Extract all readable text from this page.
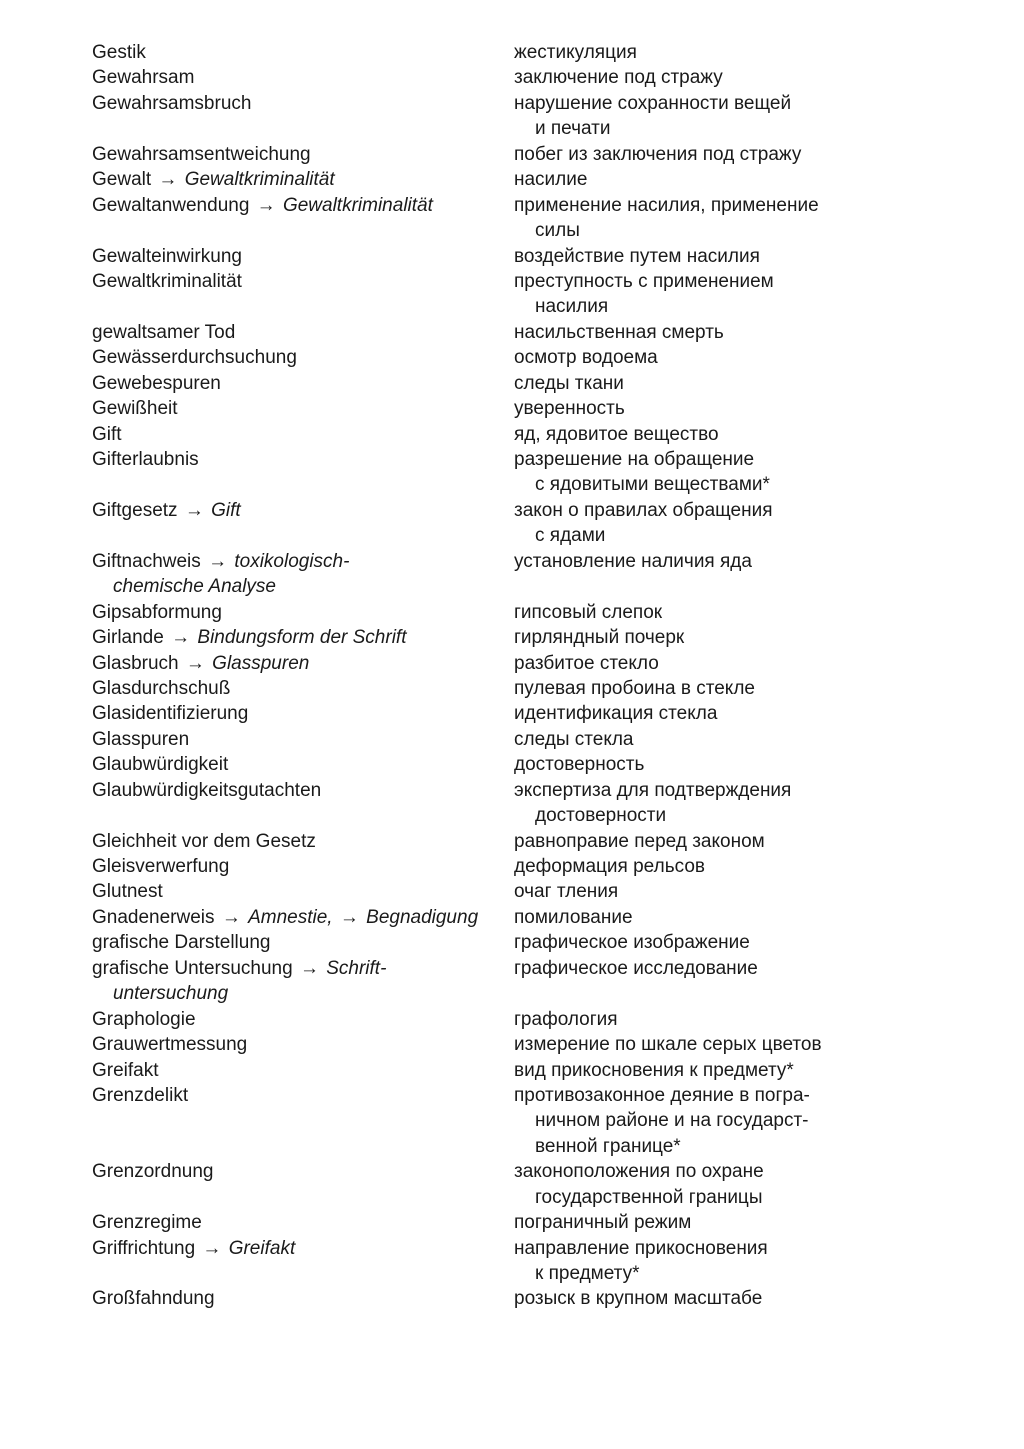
Gestik
Gewahrsam
Gewahrsamsbruch
Gewahrsamsentweichung
Gewalt → Gewaltkriminalität
Gewaltanwendung → Gewaltkriminalität
Gewalteinwirkung
Gewaltkriminalität
gewaltsamer Tod
Gewässerdurchsuchung
Gewebespuren
Gewißheit
Gift
Gifterlaubnis
Giftgesetz → Gift
Giftnachweis → toxikologisch-
chemische Analyse
Gipsabformung
Girlande → Bindungsform der Schrift
Glasbruch → Glasspuren
Glasdurchschuß
Glasidentifizierung
Glasspuren
Glaubwürdigkeit
Glaubwürdigkeitsgutachten
Gleichheit vor dem Gesetz
Gleisverwerfung
Glutnest
Gnadenerweis → Amnestie, → Begnadigung
grafische Darstellung
grafische Untersuchung → Schrift-
untersuchung
Graphologie
Grauwertmessung
Greifakt
Grenzdelikt
Grenzordnung
Grenzregime
Griffrichtung → Greifakt
Großfahndung
жестикуляция
заключение под стражу
нарушение сохранности вещей
и печати
побег из заключения под стражу
насилие
применение насилия, применение
силы
воздействие путем насилия
преступность с применением
насилия
насильственная смерть
осмотр водоема
следы ткани
уверенность
яд, ядовитое вещество
разрешение на обращение
с ядовитыми веществами*
закон о правилах обращения
с ядами
установление наличия яда
гипсовый слепок
гирляндный почерк
разбитое стекло
пулевая пробоина в стекле
идентификация стекла
следы стекла
достоверность
экспертиза для подтверждения
достоверности
равноправие перед законом
деформация рельсов
очаг тления
помилование
графическое изображение
графическое исследование
графология
измерение по шкале серых цветов
вид прикосновения к предмету*
противозаконное деяние в погра-
ничном районе и на государст-
венной границе*
законоположения по охране
государственной границы
пограничный режим
направление прикосновения
к предмету*
розыск в крупном масштабе
